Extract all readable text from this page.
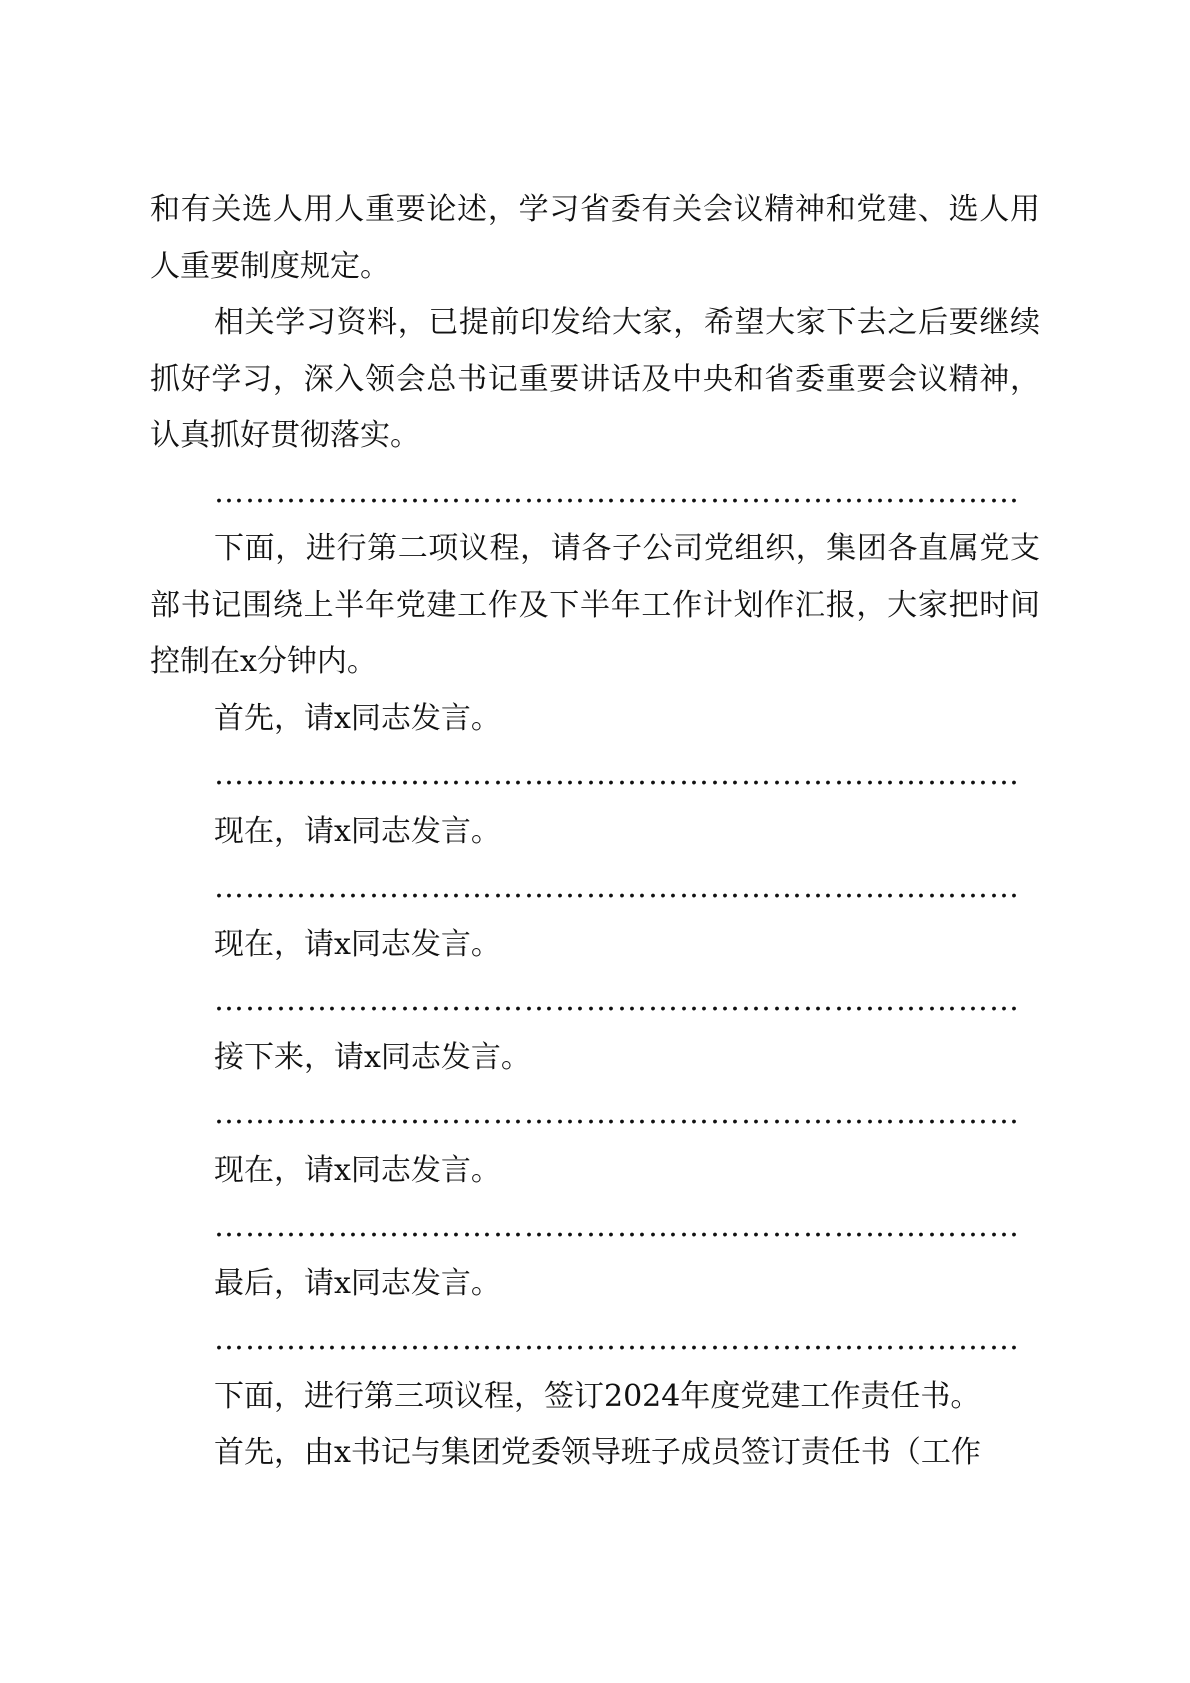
和有关选人用人重要论述，学习省委有关会议精神和党建、选人用人重要制度规定。

相关学习资料，已提前印发给大家，希望大家下去之后要继续抓好学习，深入领会总书记重要讲话及中央和省委重要会议精神，认真抓好贯彻落实。

……………………………………………………………………

下面，进行第二项议程，请各子公司党组织，集团各直属党支部书记围绕上半年党建工作及下半年工作计划作汇报，大家把时间控制在x分钟内。

首先，请x同志发言。

……………………………………………………………………

现在，请x同志发言。

……………………………………………………………………

现在，请x同志发言。

……………………………………………………………………

接下来，请x同志发言。

……………………………………………………………………

现在，请x同志发言。

……………………………………………………………………

最后，请x同志发言。

……………………………………………………………………

下面，进行第三项议程，签订2024年度党建工作责任书。

首先，由x书记与集团党委领导班子成员签订责任书（工作
